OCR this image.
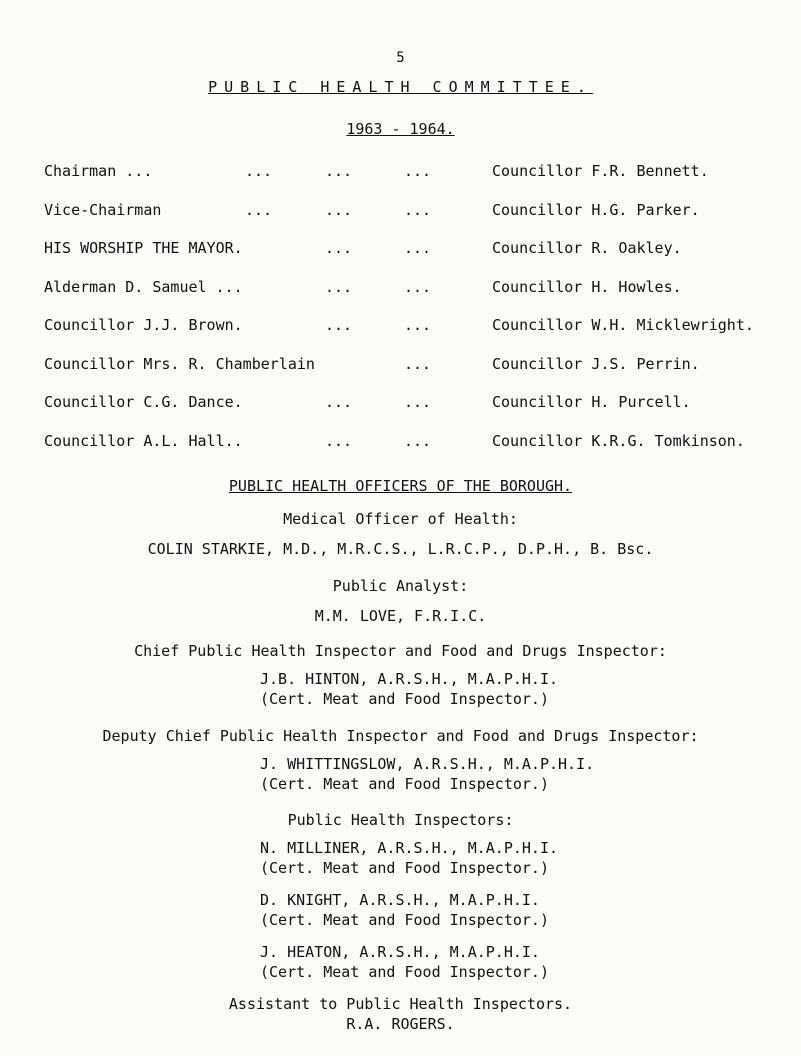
5
PUBLIC HEALTH COMMITTEE.
1963 - 1964.
Chairman ...	...	...	...	Councillor F.R. Bennett.
Vice-Chairman	...	...	...	Councillor H.G. Parker.
HIS WORSHIP THE MAYOR.	...	...	Councillor R. Oakley.
Alderman D. Samuel ...	...	...	Councillor H. Howles.
Councillor J.J. Brown.	...	...	Councillor W.H. Micklewright.
Councillor Mrs. R. Chamberlain	...	Councillor J.S. Perrin.
Councillor C.G. Dance.	...	...	Councillor H. Purcell.
Councillor A.L. Hall..	...	...	Councillor K.R.G. Tomkinson.
PUBLIC HEALTH OFFICERS OF THE BOROUGH.
Medical Officer of Health:
COLIN STARKIE, M.D., M.R.C.S., L.R.C.P., D.P.H., B. Bsc.
Public Analyst:
M.M. LOVE, F.R.I.C.
Chief Public Health Inspector and Food and Drugs Inspector:
J.B. HINTON, A.R.S.H., M.A.P.H.I.
(Cert. Meat and Food Inspector.)
Deputy Chief Public Health Inspector and Food and Drugs Inspector:
J. WHITTINGSLOW, A.R.S.H., M.A.P.H.I.
(Cert. Meat and Food Inspector.)
Public Health Inspectors:
N. MILLINER, A.R.S.H., M.A.P.H.I.
(Cert. Meat and Food Inspector.)
D. KNIGHT, A.R.S.H., M.A.P.H.I.
(Cert. Meat and Food Inspector.)
J. HEATON, A.R.S.H., M.A.P.H.I.
(Cert. Meat and Food Inspector.)
Assistant to Public Health Inspectors.
R.A. ROGERS.
